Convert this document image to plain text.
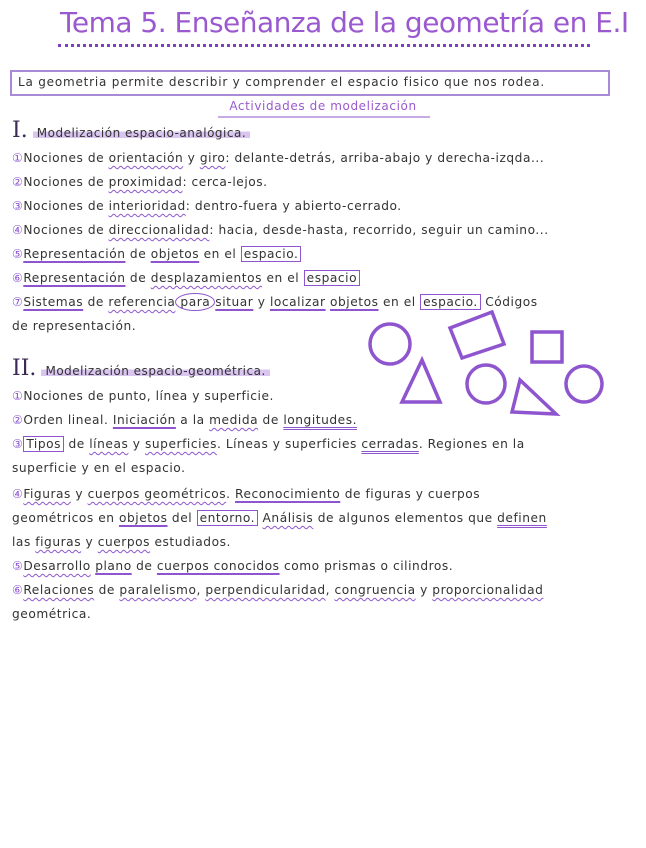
Tema 5. Enseñanza de la geometría en E.I
La geometria permite describir y comprender el espacio fisico que nos rodea.
Actividades de modelización
I. Modelización espacio-analógica.
①Nociones de orientación y giro: delante-detrás, arriba-abajo y derecha-izqda...
②Nociones de proximidad: cerca-lejos.
③Nociones de interioridad: dentro-fuera y abierto-cerrado.
④Nociones de direccionalidad: hacia, desde-hasta, recorrido, seguir un camino...
⑤Representación de objetos en el espacio.
⑥Representación de desplazamientos en el espacio
⑦Sistemas de referencia para situar y localizar objetos en el espacio. Códigos
de representación.
II. Modelización espacio-geométrica.
①Nociones de punto, línea y superficie.
②Orden lineal. Iniciación a la medida de longitudes.
③ Tipos de líneas y superficies. Líneas y superficies cerradas. Regiones en la
superficie y en el espacio.
④Figuras y cuerpos geométricos. Reconocimiento de figuras y cuerpos
geométricos en objetos del entorno. Análisis de algunos elementos que definen
las figuras y cuerpos estudiados.
⑤Desarrollo plano de cuerpos conocidos como prismas o cilindros.
⑥Relaciones de paralelismo, perpendicularidad, congruencia y proporcionalidad
geométrica.
